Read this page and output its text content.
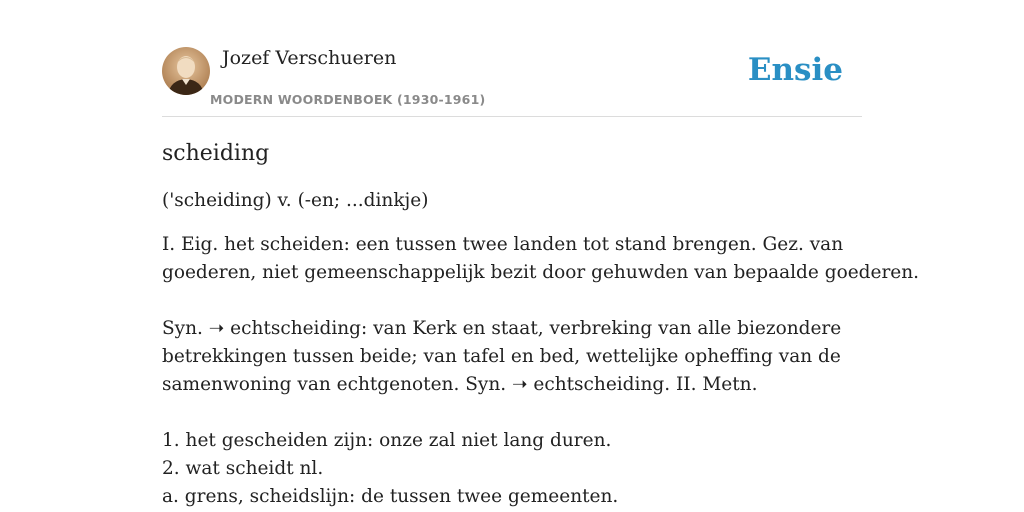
Jozef Verschueren
MODERN WOORDENBOEK (1930-1961)
Ensie
scheiding

('scheiding) v. (-en; ...dinkje)

I. Eig. het scheiden: een tussen twee landen tot stand brengen. Gez. van
goederen, niet gemeenschappelijk bezit door gehuwden van bepaalde goederen.

Syn. ➝ echtscheiding: van Kerk en staat, verbreking van alle biezondere
betrekkingen tussen beide; van tafel en bed, wettelijke opheffing van de
samenwoning van echtgenoten. Syn. ➝ echtscheiding. II. Metn.

1. het gescheiden zijn: onze zal niet lang duren.
2. wat scheidt nl.
a. grens, scheidslijn: de tussen twee gemeenten.
